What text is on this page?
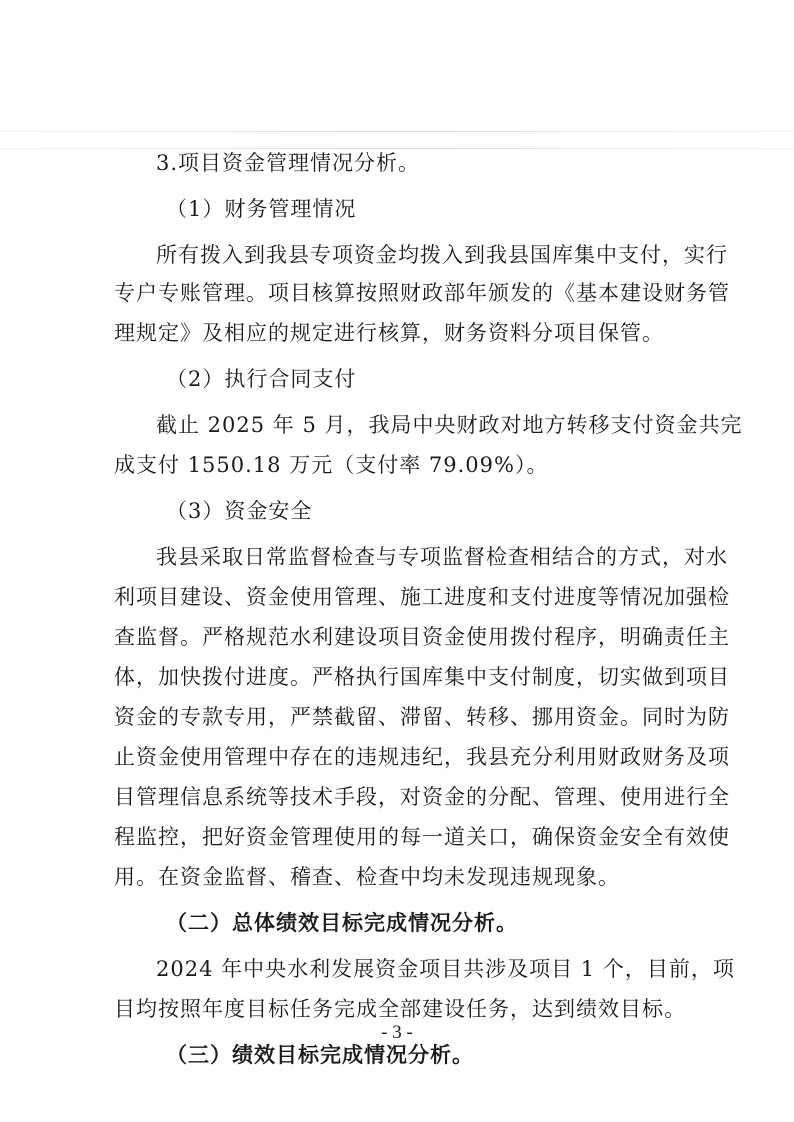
3.项目资金管理情况分析。

（1）财务管理情况

所有拨入到我县专项资金均拨入到我县国库集中支付，实行

专户专账管理。项目核算按照财政部年颁发的《基本建设财务管

理规定》及相应的规定进行核算，财务资料分项目保管。

（2）执行合同支付

截止 2025 年 5 月，我局中央财政对地方转移支付资金共完

成支付 1550.18 万元（支付率 79.09%）。

（3）资金安全

我县采取日常监督检查与专项监督检查相结合的方式，对水

利项目建设、资金使用管理、施工进度和支付进度等情况加强检

查监督。严格规范水利建设项目资金使用拨付程序，明确责任主

体，加快拨付进度。严格执行国库集中支付制度，切实做到项目

资金的专款专用，严禁截留、滞留、转移、挪用资金。同时为防

止资金使用管理中存在的违规违纪，我县充分利用财政财务及项

目管理信息系统等技术手段，对资金的分配、管理、使用进行全

程监控，把好资金管理使用的每一道关口，确保资金安全有效使

用。在资金监督、稽查、检查中均未发现违规现象。

（二）总体绩效目标完成情况分析。

2024 年中央水利发展资金项目共涉及项目 1 个，目前，项

目均按照年度目标任务完成全部建设任务，达到绩效目标。

（三）绩效目标完成情况分析。

- 3 -
